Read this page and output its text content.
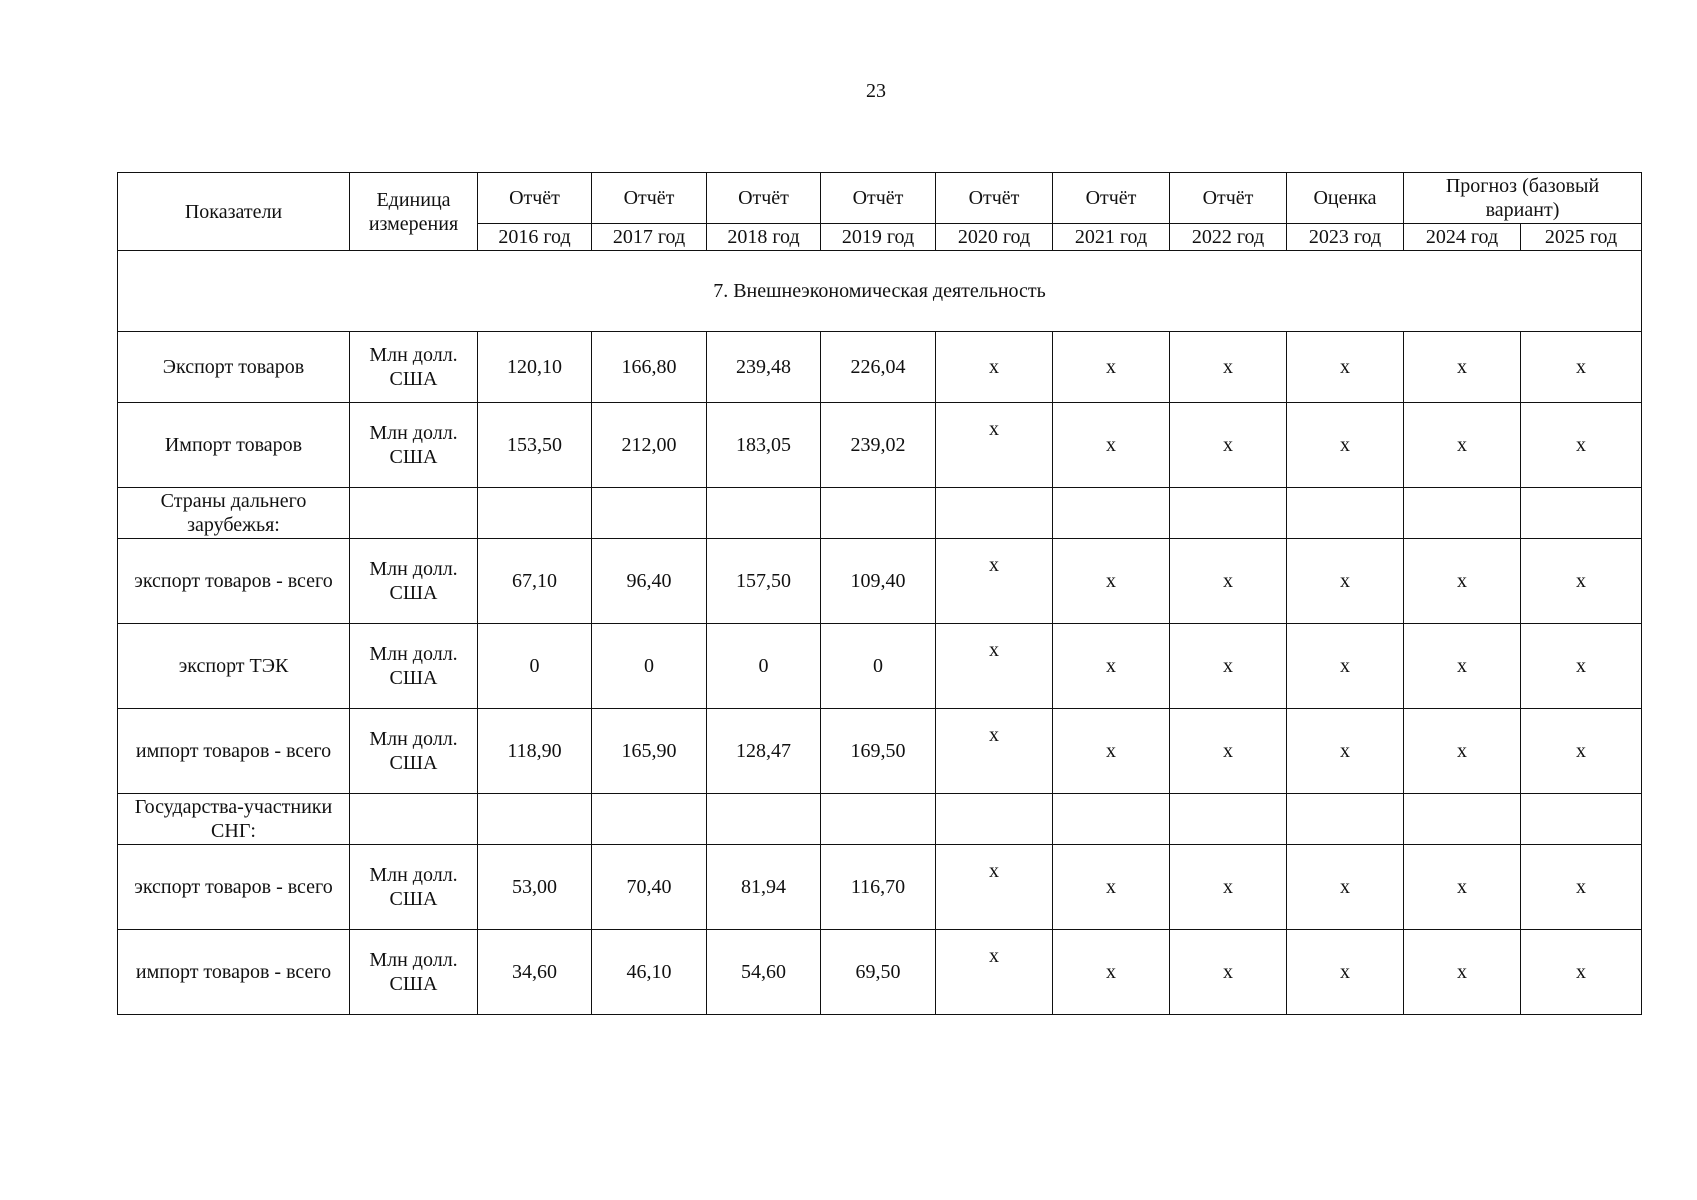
23
Показатели	Единица измерения	Отчёт	Отчёт	Отчёт	Отчёт	Отчёт	Отчёт	Отчёт	Оценка	Прогноз (базовый вариант)	
		2016 год	2017 год	2018 год	2019 год	2020 год	2021 год	2022 год	2023 год	2024 год	2025 год
7. Внешнеэкономическая деятельность											
Экспорт товаров	Млн долл. США	120,10	166,80	239,48	226,04	x	x	x	x	x	x
Импорт товаров	Млн долл. США	153,50	212,00	183,05	239,02	x	x	x	x	x	x
Страны дальнего зарубежья:											
экспорт товаров - всего	Млн долл. США	67,10	96,40	157,50	109,40	x	x	x	x	x	x
экспорт ТЭК	Млн долл. США	0	0	0	0	x	x	x	x	x	x
импорт товаров - всего	Млн долл. США	118,90	165,90	128,47	169,50	x	x	x	x	x	x
Государства-участники СНГ:											
экспорт товаров - всего	Млн долл. США	53,00	70,40	81,94	116,70	x	x	x	x	x	x
импорт товаров - всего	Млн долл. США	34,60	46,10	54,60	69,50	x	x	x	x	x	x
